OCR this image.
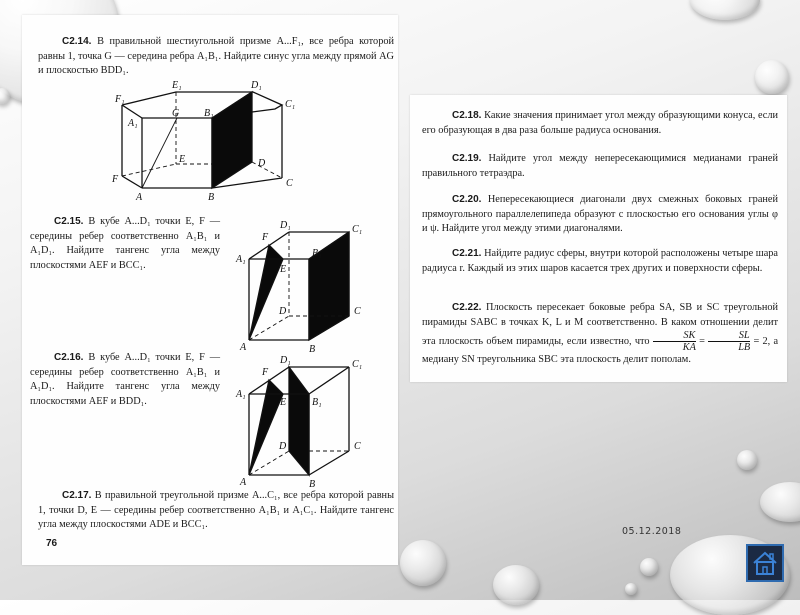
C2.14. В правильной шестиугольной призме A...F₁, все ребра которой равны 1, точка G — середина ребра A₁B₁. Найдите синус угла между прямой AG и плоскостью BDD₁.
E₁	D₁
F₁	C₁
A₁
G B₁
E	D
F	C
A	B
C2.15. В кубе A...D₁ точки E, F — середины ребер соответственно A₁B₁ и A₁D₁. Найдите тангенс угла между плоскостями AEF и BCC₁.
D₁	C₁
F
A₁
B₁
E
D	C
A	B
C2.16. В кубе A...D₁ точки E, F — середины ребер соответственно A₁B₁ и A₁D₁. Найдите тангенс угла между плоскостями AEF и BDD₁.
D₁	C₁
F
A₁
E	B₁
D	C
A	B
C2.17. В правильной треугольной призме A...C₁, все ребра которой равны 1, точки D, E — середины ребер соответственно A₁B₁ и A₁C₁. Найдите тангенс угла между плоскостями ADE и BCC₁.
76
C2.18. Какие значения принимает угол между образующими конуса, если его образующая в два раза больше радиуса основания.
C2.19. Найдите угол между непересекающимися медианами граней правильного тетраэдра.
C2.20. Непересекающиеся диагонали двух смежных боковых граней прямоугольного параллелепипеда образуют с плоскостью его основания углы φ и ψ. Найдите угол между этими диагоналями.
C2.21. Найдите радиус сферы, внутри которой расположены четыре шара радиуса r. Каждый из этих шаров касается трех других и поверхности сферы.
C2.22. Плоскость пересекает боковые ребра SA, SB и SC треугольной пирамиды SABC в точках K, L и M соответственно. В каком отношении делит эта плоскость объем пирамиды, если известно, что $\frac{SK}{KA} = \frac{SL}{LB} = 2$, а медиану SN треугольника SBC эта плоскость делит пополам.
05.12.2018
